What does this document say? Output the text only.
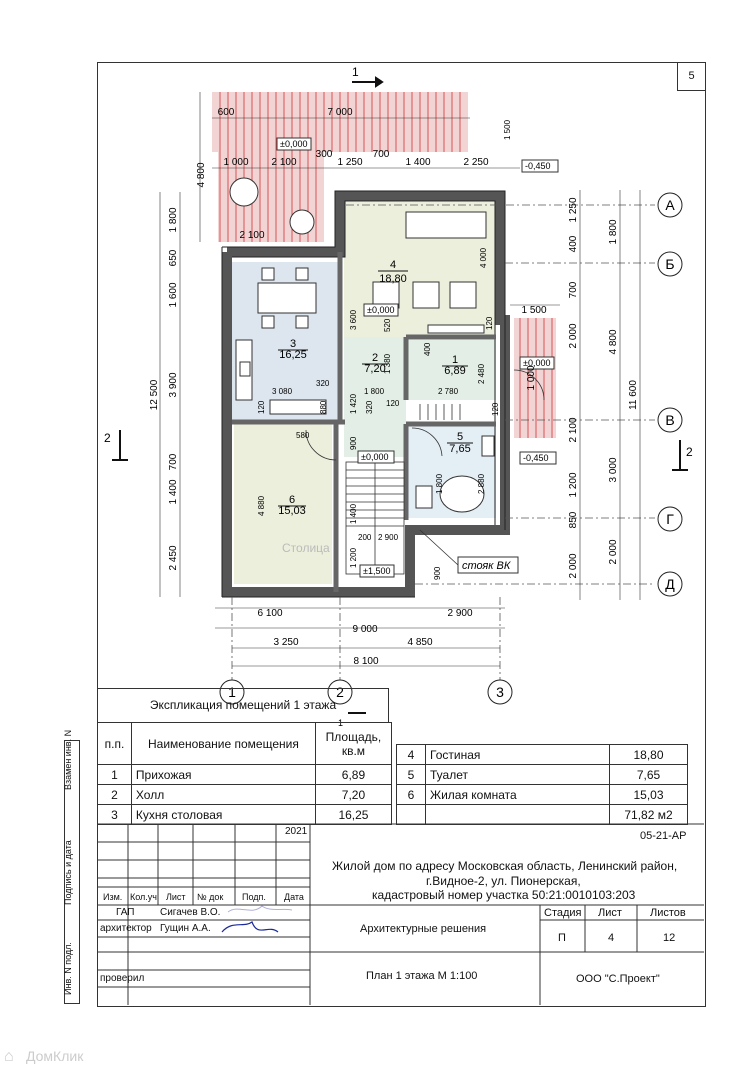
5
А
Б
В
Г
Д
1	2	3
1
1
2
2
4
18,80
3
16,25	2
7,20
1
6,89
5
7,65
6
15,03
±0,000
-0,450
±0,000
±0,000
-0,450
±0,000
±1,500	стояк ВК
Столица
7 000
600
1 000 2 100
300
1 250
700
1 400	2 250
2 100
1 500
6 100	2 900
9 000
3 250	4 850
8 100
4 800
12 500
1 800
650
1 600
3 900
700
1 400
2 450
11 600
1 250
400
700
2 000
2 100
1 200
850
2 000
1 800
4 800
3 000
2 000
1 000
4 000
3 600	520	120
400
1 380	2 480
320
3 080
880
120
1 800	2 780
1 420 320 120
580
900
2 880
1 800
4 880	1 400
2 900
1 200
900
200
120
1 500
Экспликация помещений 1 этажа
п.п.	Наименование помещения	Площадь, кв.м
1	Прихожая	6,89
2	Холл	7,20
3	Кухня столовая	16,25
4	Гостиная	18,80
5	Туалет	7,65
6	Жилая комната	15,03
		71,82 м2
Взамен инв. N
Подпись и дата
Инв. N подл.
2021	05-21-АР
Жилой дом по адресу Московская область, Ленинский район,
г.Видное-2, ул. Пионерская,
кадастровый номер участка 50:21:0010103:203
Изм. Кол.уч Лист № док Подп. Дата
ГАП	Сигачев В.О.
архитектор Гущин А.А.
проверил
Архитектурные решения
Стадия Лист	Листов
П	4	12
План 1 этажа М 1:100	ООО "С.Проект"
⌂ ДомКлик
